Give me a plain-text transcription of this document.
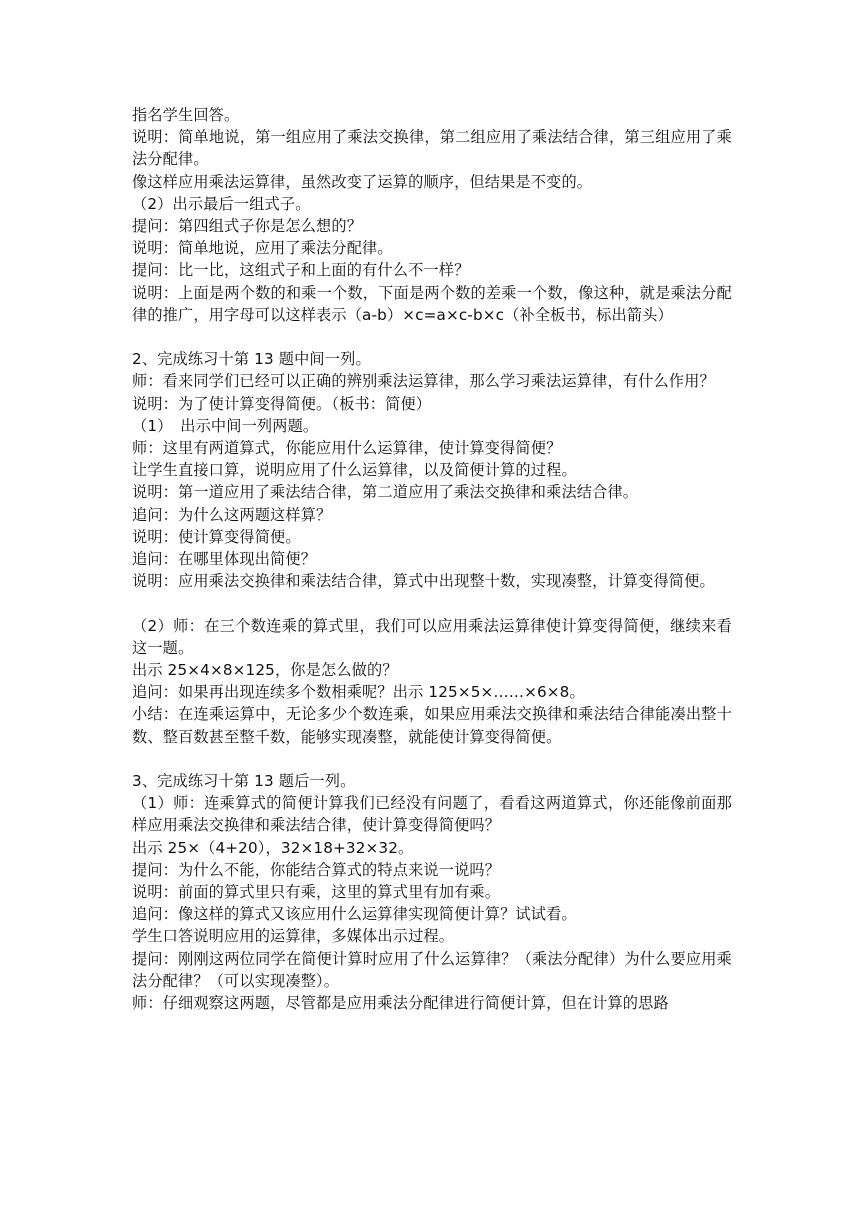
指名学生回答。

说明：简单地说，第一组应用了乘法交换律，第二组应用了乘法结合律，第三组应用了乘法分配律。

像这样应用乘法运算律，虽然改变了运算的顺序，但结果是不变的。

（2）出示最后一组式子。

提问：第四组式子你是怎么想的？

说明：简单地说，应用了乘法分配律。

提问：比一比，这组式子和上面的有什么不一样？

说明：上面是两个数的和乘一个数，下面是两个数的差乘一个数，像这种，就是乘法分配律的推广，用字母可以这样表示（a-b）×c=a×c-b×c（补全板书，标出箭头）

2、完成练习十第 13 题中间一列。

师：看来同学们已经可以正确的辨别乘法运算律，那么学习乘法运算律，有什么作用？

说明：为了使计算变得简便。（板书：简便）

（1）　出示中间一列两题。

师：这里有两道算式，你能应用什么运算律，使计算变得简便？

让学生直接口算，说明应用了什么运算律，以及简便计算的过程。

说明：第一道应用了乘法结合律，第二道应用了乘法交换律和乘法结合律。

追问：为什么这两题这样算？

说明：使计算变得简便。

追问：在哪里体现出简便？

说明：应用乘法交换律和乘法结合律，算式中出现整十数，实现凑整，计算变得简便。

（2）师：在三个数连乘的算式里，我们可以应用乘法运算律使计算变得简便，继续来看这一题。

出示 25×4×8×125，你是怎么做的？

追问：如果再出现连续多个数相乘呢？出示 125×5×……×6×8。

小结：在连乘运算中，无论多少个数连乘，如果应用乘法交换律和乘法结合律能凑出整十数、整百数甚至整千数，能够实现凑整，就能使计算变得简便。

3、完成练习十第 13 题后一列。

（1）师：连乘算式的简便计算我们已经没有问题了，看看这两道算式，你还能像前面那样应用乘法交换律和乘法结合律，使计算变得简便吗？

出示 25×（4+20），32×18+32×32。

提问：为什么不能，你能结合算式的特点来说一说吗？

说明：前面的算式里只有乘，这里的算式里有加有乘。

追问：像这样的算式又该应用什么运算律实现简便计算？试试看。

学生口答说明应用的运算律，多媒体出示过程。

提问：刚刚这两位同学在简便计算时应用了什么运算律？（乘法分配律）为什么要应用乘法分配律？（可以实现凑整）。

师：仔细观察这两题，尽管都是应用乘法分配律进行简便计算，但在计算的思路
